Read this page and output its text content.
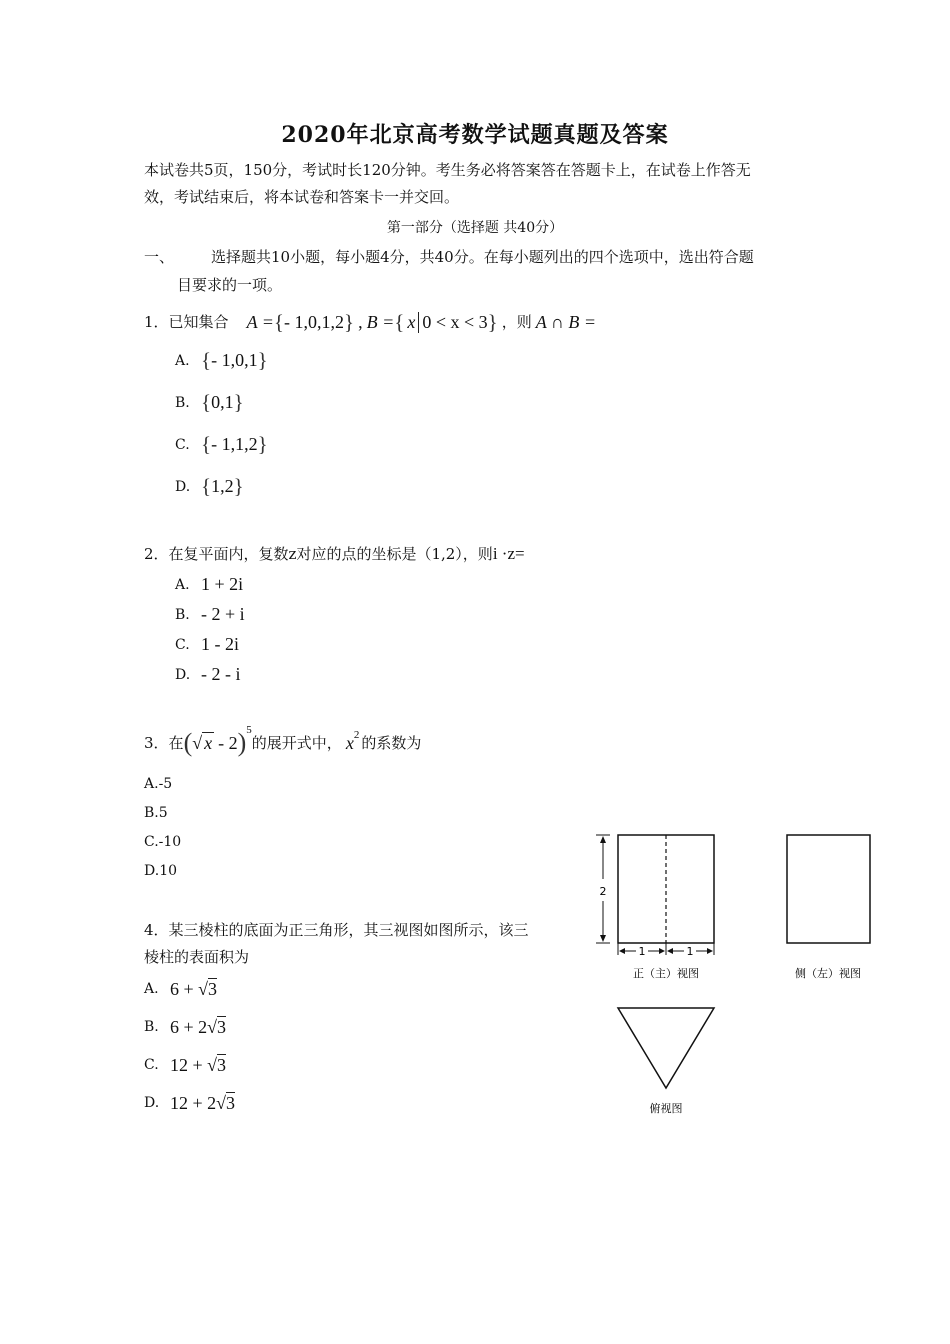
2020年北京高考数学试题真题及答案
本试卷共5页，150分，考试时长120分钟。考生务必将答案答在答题卡上，在试卷上作答无
效，考试结束后，将本试卷和答案卡一并交回。
第一部分（选择题 共40分）
一、 选择题共10小题，每小题4分，共40分。在每小题列出的四个选项中，选出符合题
目要求的一项。
1． 已知集合 A = { - 1,0,1,2 } , B = { x 0 < x < 3 } ，则 A ∩ B =
A. { - 1,0,1 }
B. { 0,1 }
C. { - 1,1,2 }
D. { 1,2 }
2． 在复平面内，复数z对应的点的坐标是（1,2），则 i ·z=
A. 1 + 2i
B. - 2 + i
C. 1 - 2i
D. - 2 - i
3． 在 ( √ x - 2 ) 5
的展开式中， x 2 的系数为
A.-5
B.5
C.-10
D.10
4．某三棱柱的底面为正三角形，其三视图如图所示，该三
棱柱的表面积为
A. 6 + √ 3
B. 6 + 2 √ 3
C. 12 + √ 3
D. 12 + 2 √ 3
2
1	1
正（主）视图	侧（左）视图
俯视图
